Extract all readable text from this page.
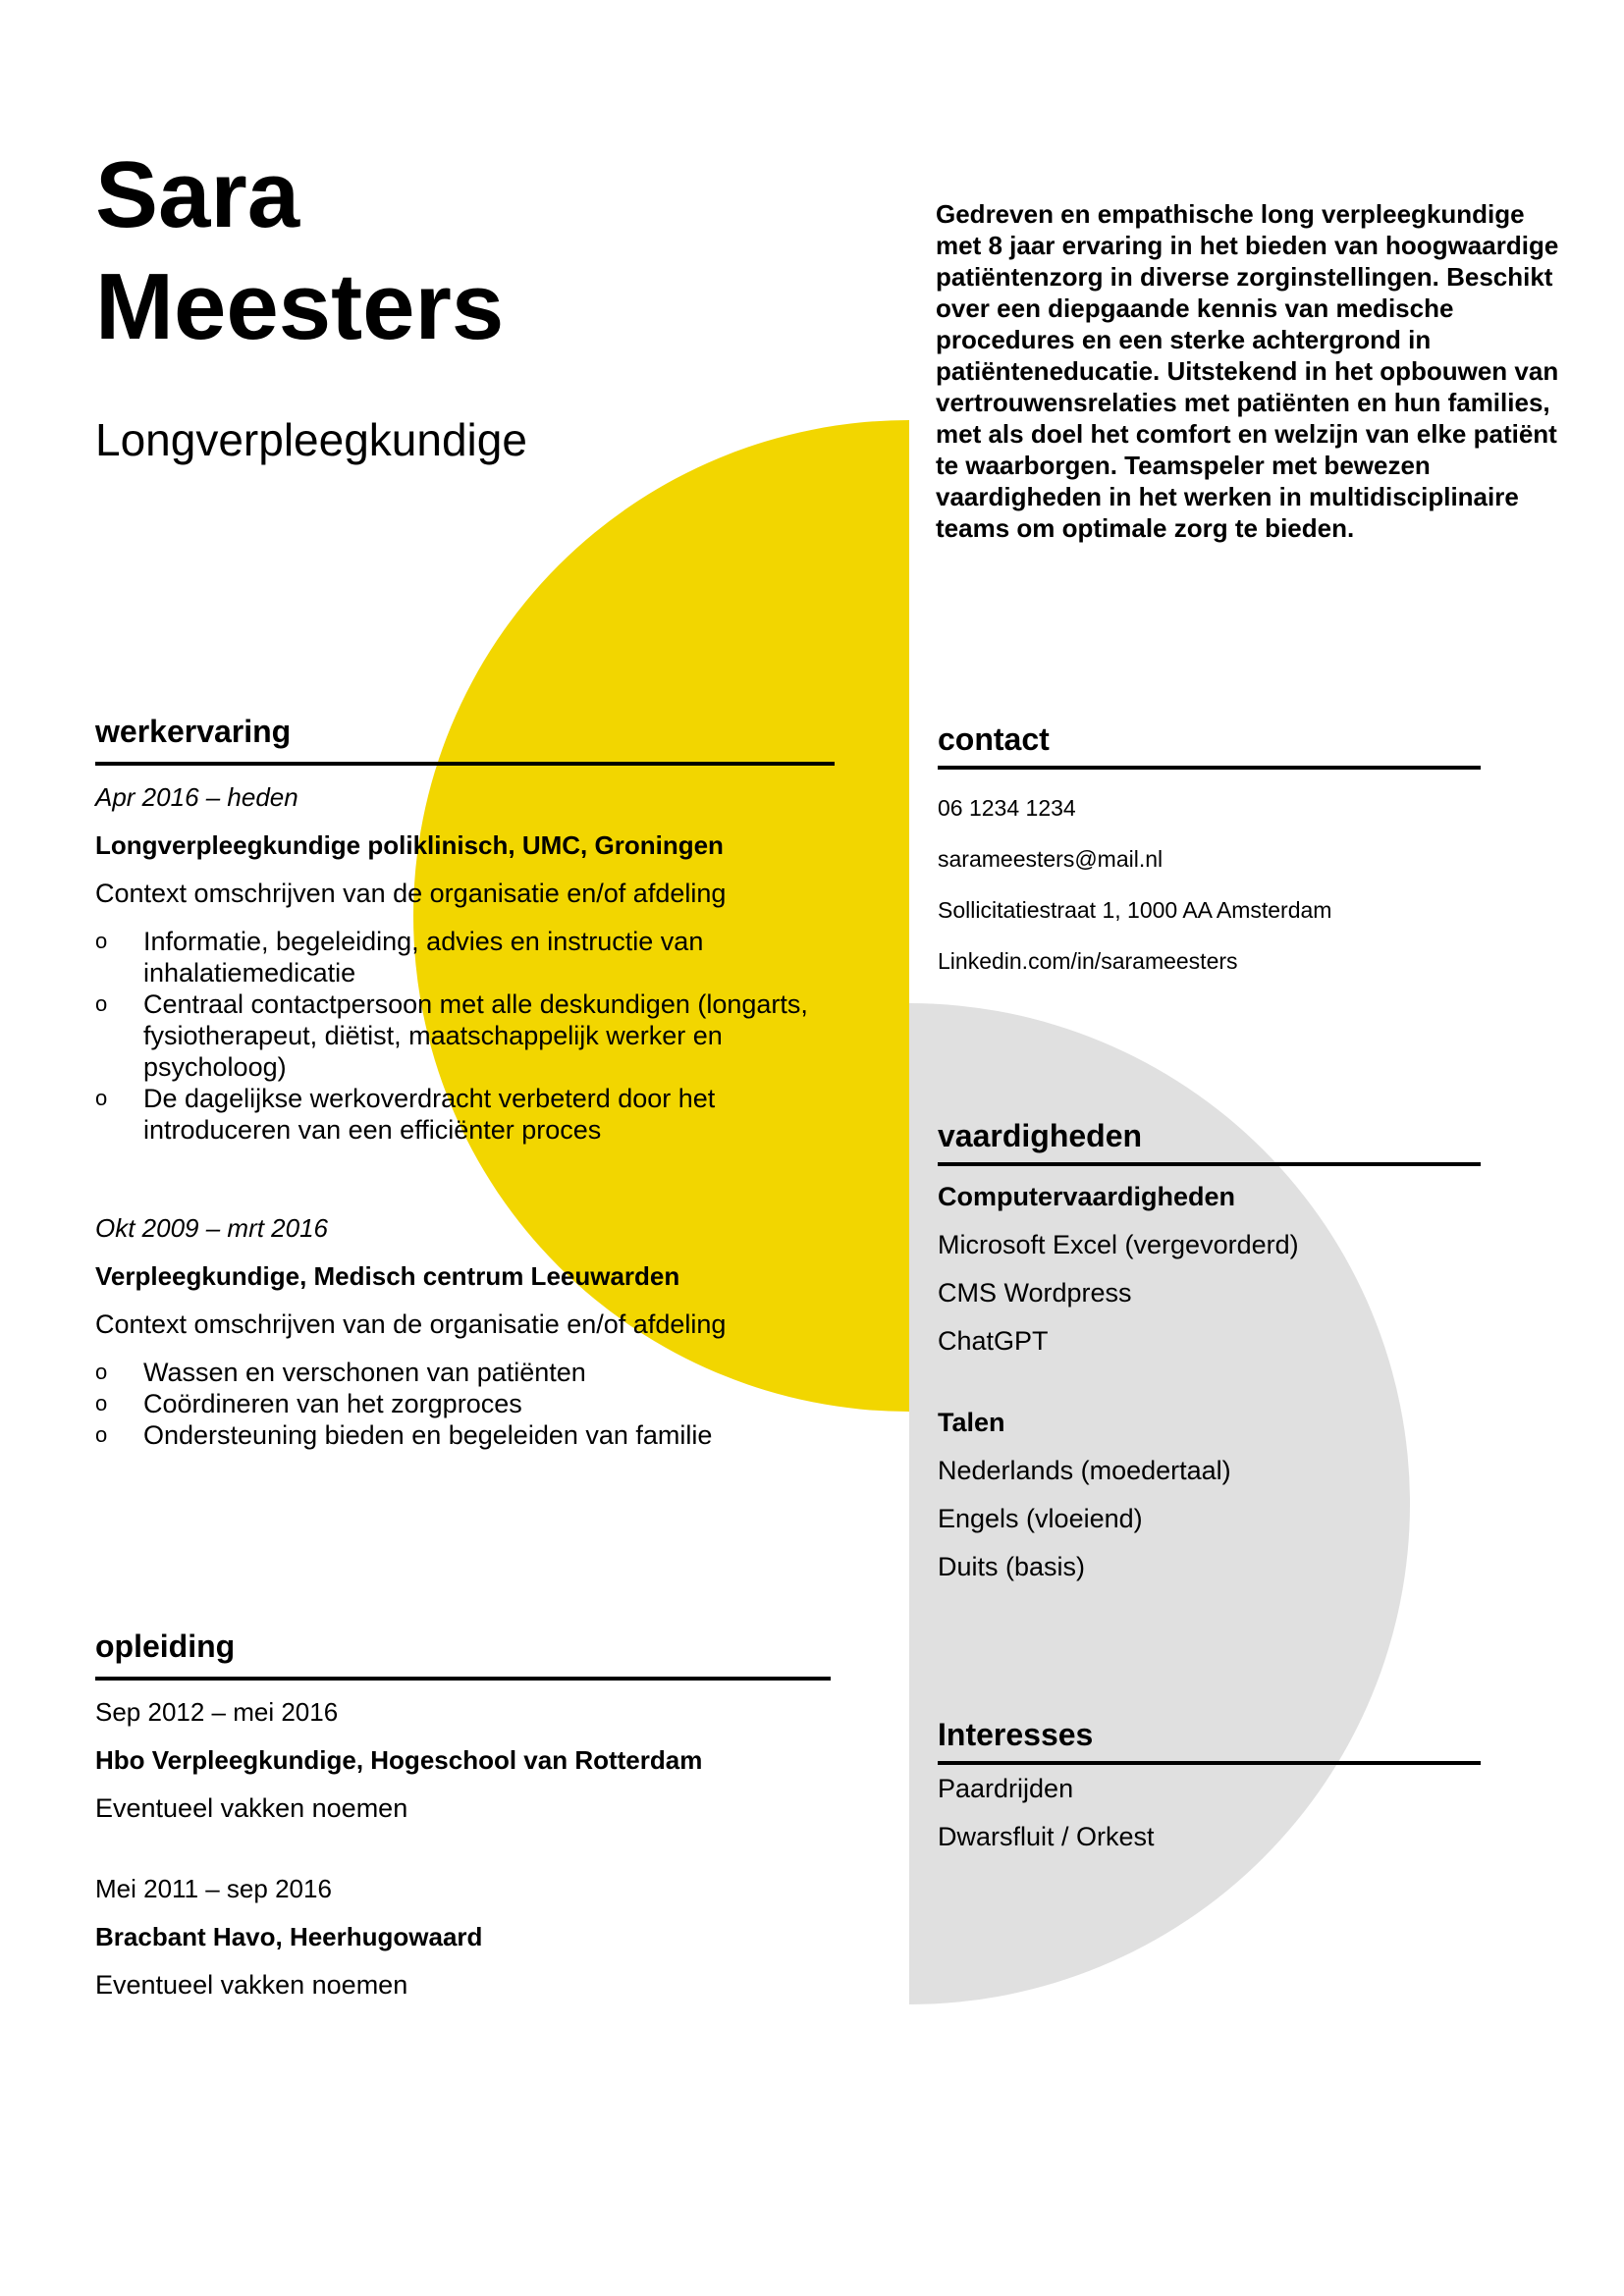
Sara
Meesters
Longverpleegkundige

Gedreven en empathische long verpleegkundige met 8 jaar ervaring in het bieden van hoogwaardige patiëntenzorg in diverse zorginstellingen. Beschikt over een diepgaande kennis van medische procedures en een sterke achtergrond in patiënteneducatie. Uitstekend in het opbouwen van vertrouwensrelaties met patiënten en hun families, met als doel het comfort en welzijn van elke patiënt te waarborgen. Teamspeler met bewezen vaardigheden in het werken in multidisciplinaire teams om optimale zorg te bieden.

werkervaring
Apr 2016 – heden
Longverpleegkundige poliklinisch, UMC, Groningen
Context omschrijven van de organisatie en/of afdeling
o Informatie, begeleiding, advies en instructie van inhalatiemedicatie
o Centraal contactpersoon met alle deskundigen (longarts, fysiotherapeut, diëtist, maatschappelijk werker en psycholoog)
o De dagelijkse werkoverdracht verbeterd door het introduceren van een efficiënter proces
Okt 2009 – mrt 2016
Verpleegkundige, Medisch centrum Leeuwarden
Context omschrijven van de organisatie en/of afdeling
o Wassen en verschonen van patiënten
o Coördineren van het zorgproces
o Ondersteuning bieden en begeleiden van familie
opleiding
Sep 2012 – mei 2016
Hbo Verpleegkundige, Hogeschool van Rotterdam
Eventueel vakken noemen
Mei 2011 – sep 2016
Bracbant Havo, Heerhugowaard
Eventueel vakken noemen
contact
06 1234 1234
sarameesters@mail.nl
Sollicitatiestraat 1, 1000 AA Amsterdam
Linkedin.com/in/sarameesters
vaardigheden
Computervaardigheden
Microsoft Excel (vergevorderd)
CMS Wordpress
ChatGPT
Talen
Nederlands (moedertaal)
Engels (vloeiend)
Duits (basis)
Interesses
Paardrijden
Dwarsfluit / Orkest
